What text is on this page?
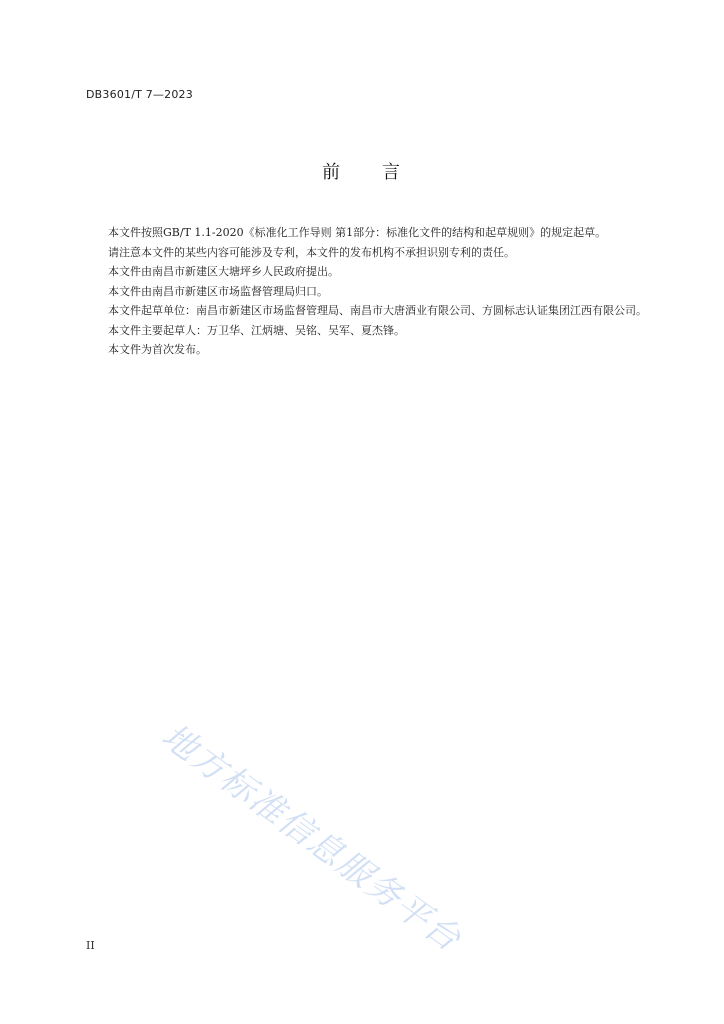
DB3601/T 7—2023
前 言

本文件按照GB/T 1.1-2020《标准化工作导则 第1部分：标准化文件的结构和起草规则》的规定起草。

请注意本文件的某些内容可能涉及专利，本文件的发布机构不承担识别专利的责任。

本文件由南昌市新建区大塘坪乡人民政府提出。

本文件由南昌市新建区市场监督管理局归口。

本文件起草单位：南昌市新建区市场监督管理局、南昌市大唐酒业有限公司、方圆标志认证集团江西有限公司。

本文件主要起草人：万卫华、江炳塘、吴铭、吴军、夏杰锋。

本文件为首次发布。

地方标准信息服务平台
II
